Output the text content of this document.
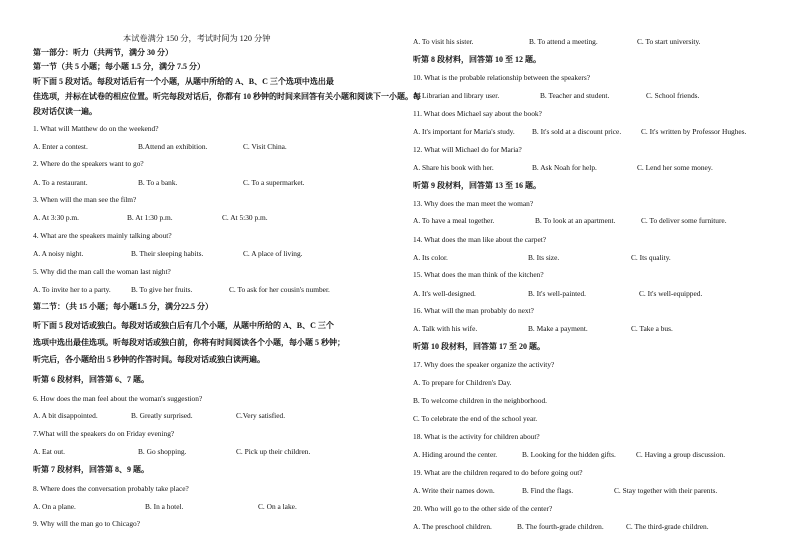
本试卷满分 150 分，考试时间为 120 分钟
第一部分：听力（共两节，满分 30 分）
第一节（共 5 小题；每小题 1.5 分，满分 7.5 分）
听下面 5 段对话。每段对话后有一个小题，从题中所给的 A、B、C 三个选项中选出最
佳选项，并标在试卷的相应位置。听完每段对话后，你都有 10 秒钟的时间来回答有关小题和阅读下一小题。每
段对话仅读一遍。
1. What will Matthew do on the weekend?
A. Enter a contest.	B.Attend an exhibition.	C. Visit China.
2. Where do the speakers want to go?
A. To a restaurant.	B. To a bank.	C. To a supermarket.
3. When will the man see the film?
A. At 3:30 p.m.	B. At 1:30 p.m.	C. At 5:30 p.m.
4. What are the speakers mainly talking about?
A. A noisy night.	B. Their sleeping habits.	C. A place of living.
5. Why did the man call the woman last night?
A. To invite her to a party.	B. To give her fruits.	C. To ask for her cousin's number.
第二节：（共 15 小题；每小题1.5 分，满分22.5 分）
听下面 5 段对话或独白。每段对话或独白后有几个小题，从题中所给的 A、B、C 三个
选项中选出最佳选项。听每段对话或独白前，你将有时间阅读各个小题，每小题 5 秒钟；
听完后，各小题给出 5 秒钟的作答时间。每段对话或独白读两遍。
听第 6 段材料，回答第 6、7 题。
6. How does the man feel about the woman's suggestion?
A. A bit disappointed.	B. Greatly surprised.	C.Very satisfied.
7.What will the speakers do on Friday evening?
A. Eat out.	B. Go shopping.	C. Pick up their children.
听第 7 段材料，回答第 8、9 题。
8. Where does the conversation probably take place?
A. On a plane.	B. In a hotel.	C. On a lake.
9. Why will the man go to Chicago?
A. To visit his sister.	B. To attend a meeting.	C. To start university.
听第 8 段材料，回答第 10 至 12 题。
10. What is the probable relationship between the speakers?
A. Librarian and library user.	B. Teacher and student.	C. School friends.
11. What does Michael say about the book?
A. It's important for Maria's study. B. It's sold at a discount price.	C. It's written by Professor Hughes.
12. What will Michael do for Maria?
A. Share his book with her.	B. Ask Noah for help.	C. Lend her some money.
听第 9 段材料，回答第 13 至 16 题。
13. Why does the man meet the woman?
A. To have a meal together.	B. To look at an apartment.	C. To deliver some furniture.
14. What does the man like about the carpet?
A. Its color.	B. Its size.	C. Its quality.
15. What does the man think of the kitchen?
A. It's well-designed.	B. It's well-painted.	C. It's well-equipped.
16. What will the man probably do next?
A. Talk with his wife.	B. Make a payment.	C. Take a bus.
听第 10 段材料，回答第 17 至 20 题。
17. Why does the speaker organize the activity?
A. To prepare for Children's Day.
B. To welcome children in the neighborhood.
C. To celebrate the end of the school year.
18. What is the activity for children about?
A. Hiding around the center.	B. Looking for the hidden gifts.	C. Having a group discussion.
19. What are the children reqared to do before going out?
A. Write their names down.	B. Find the flags.	C. Stay together with their parents.
20. Who will go to the other side of the center?
A. The preschool children.	B. The fourth-grade children.	C. The third-grade children.
